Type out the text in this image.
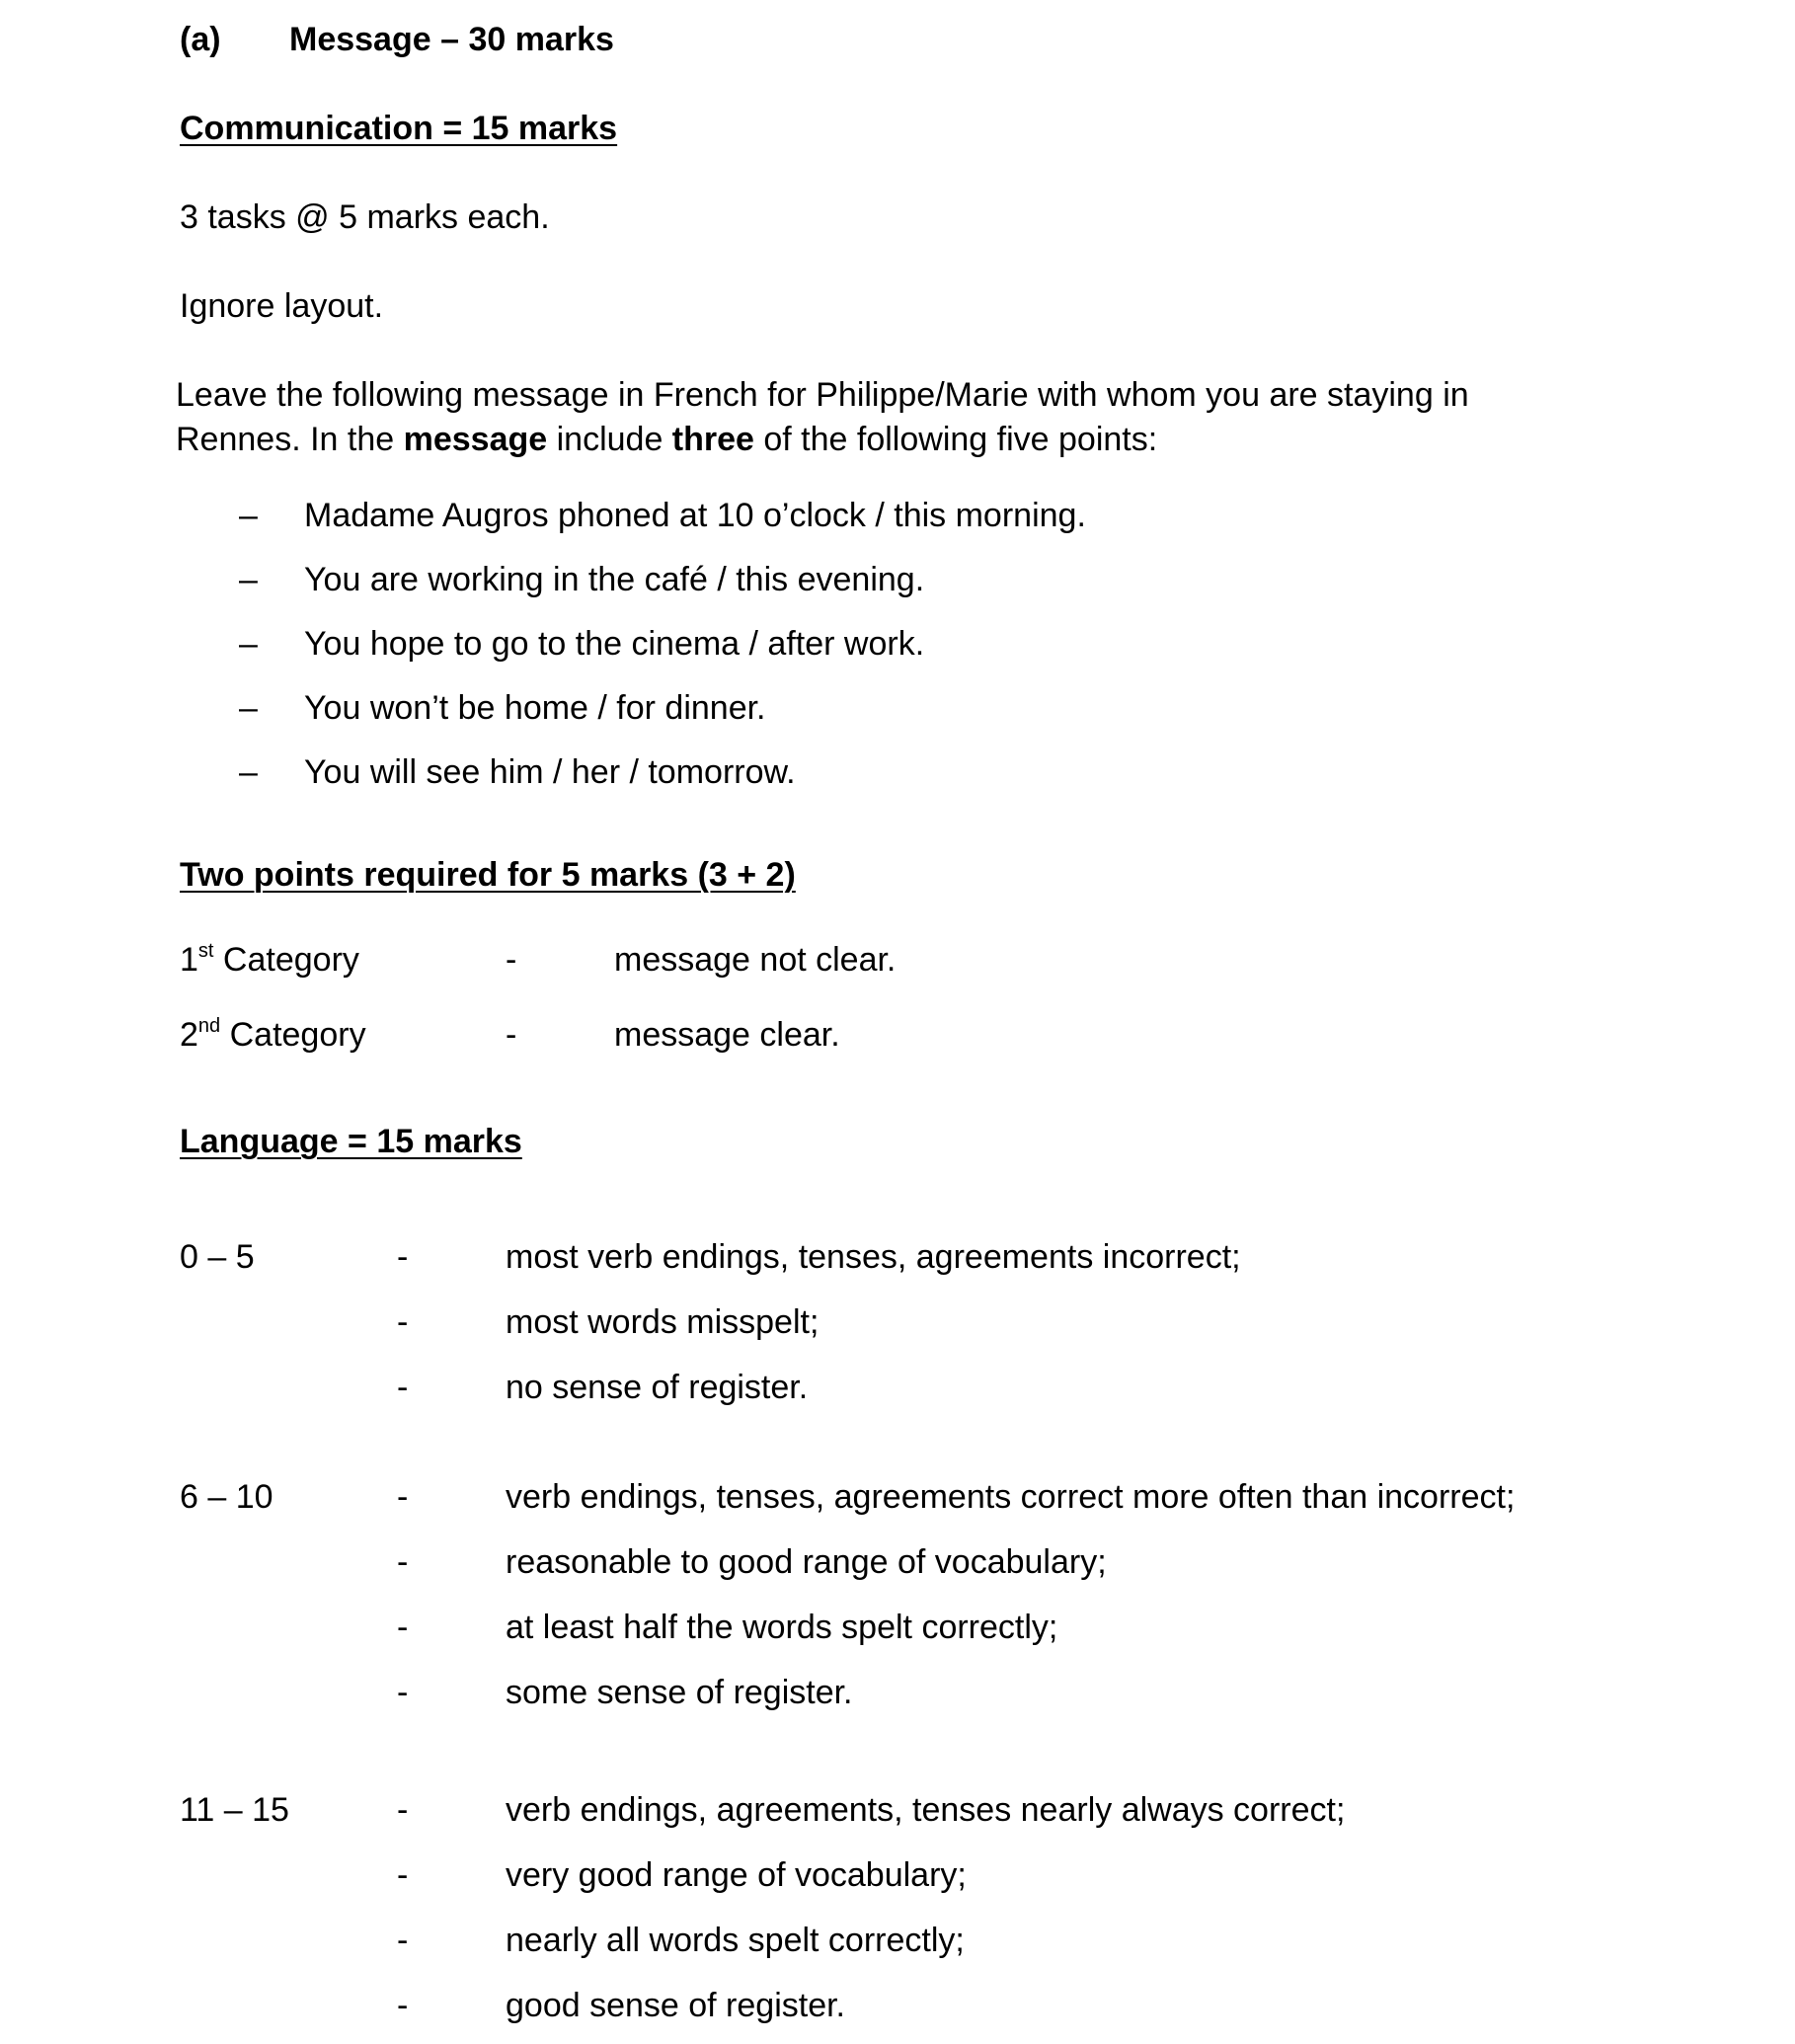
(a) Message – 30 marks
Communication = 15 marks
3 tasks @ 5 marks each.
Ignore layout.
Leave the following message in French for Philippe/Marie with whom you are staying in
Rennes. In the message include three of the following five points:
– Madame Augros phoned at 10 o’clock / this morning.
– You are working in the café / this evening.
– You hope to go to the cinema / after work.
– You won’t be home / for dinner.
– You will see him / her / tomorrow.
Two points required for 5 marks (3 + 2)
1st Category	-	message not clear.
2nd Category	-	message clear.
Language = 15 marks
0 – 5	-	most verb endings, tenses, agreements incorrect;
-	most words misspelt;
-	no sense of register.
6 – 10	-	verb endings, tenses, agreements correct more often than incorrect;
-	reasonable to good range of vocabulary;
-	at least half the words spelt correctly;
-	some sense of register.
11 – 15	-	verb endings, agreements, tenses nearly always correct;
-	very good range of vocabulary;
-	nearly all words spelt correctly;
-	good sense of register.
